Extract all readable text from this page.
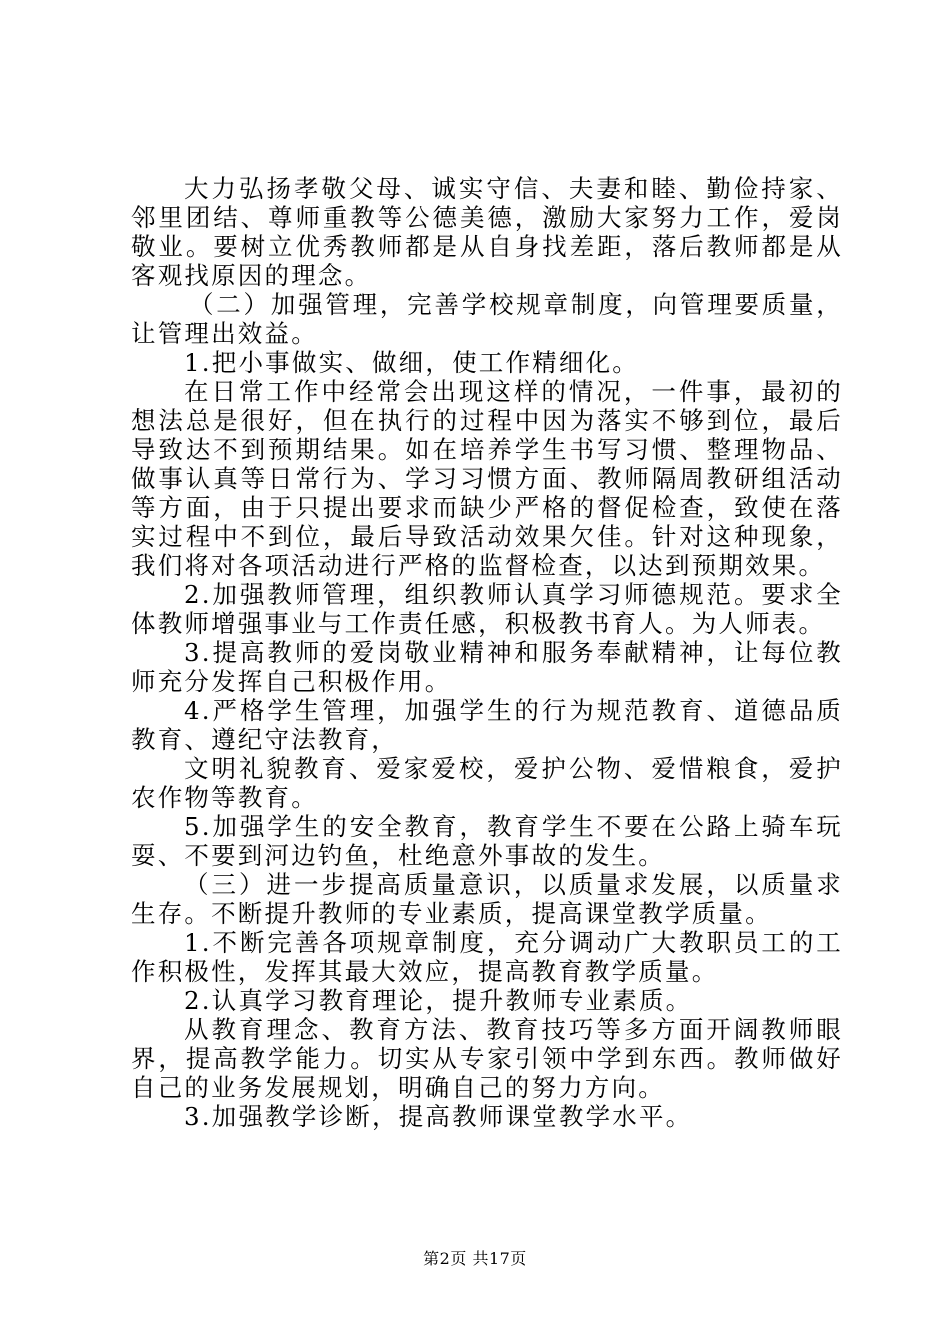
大力弘扬孝敬父母、诚实守信、夫妻和睦、勤俭持家、邻里团结、尊师重教等公德美德，激励大家努力工作，爱岗敬业。要树立优秀教师都是从自身找差距，落后教师都是从客观找原因的理念。

（二）加强管理，完善学校规章制度，向管理要质量，让管理出效益。

1.把小事做实、做细，使工作精细化。

在日常工作中经常会出现这样的情况，一件事，最初的想法总是很好，但在执行的过程中因为落实不够到位，最后导致达不到预期结果。如在培养学生书写习惯、整理物品、做事认真等日常行为、学习习惯方面、教师隔周教研组活动等方面，由于只提出要求而缺少严格的督促检查，致使在落实过程中不到位，最后导致活动效果欠佳。针对这种现象，我们将对各项活动进行严格的监督检查，以达到预期效果。

2.加强教师管理，组织教师认真学习师德规范。要求全体教师增强事业与工作责任感，积极教书育人。为人师表。

3.提高教师的爱岗敬业精神和服务奉献精神，让每位教师充分发挥自己积极作用。

4.严格学生管理，加强学生的行为规范教育、道德品质教育、遵纪守法教育，

文明礼貌教育、爱家爱校，爱护公物、爱惜粮食，爱护农作物等教育。

5.加强学生的安全教育，教育学生不要在公路上骑车玩耍、不要到河边钓鱼，杜绝意外事故的发生。

（三）进一步提高质量意识，以质量求发展，以质量求生存。不断提升教师的专业素质，提高课堂教学质量。

1.不断完善各项规章制度，充分调动广大教职员工的工作积极性，发挥其最大效应，提高教育教学质量。

2.认真学习教育理论，提升教师专业素质。

从教育理念、教育方法、教育技巧等多方面开阔教师眼界，提高教学能力。切实从专家引领中学到东西。教师做好自己的业务发展规划，明确自己的努力方向。

3.加强教学诊断，提高教师课堂教学水平。

第2页 共17页
